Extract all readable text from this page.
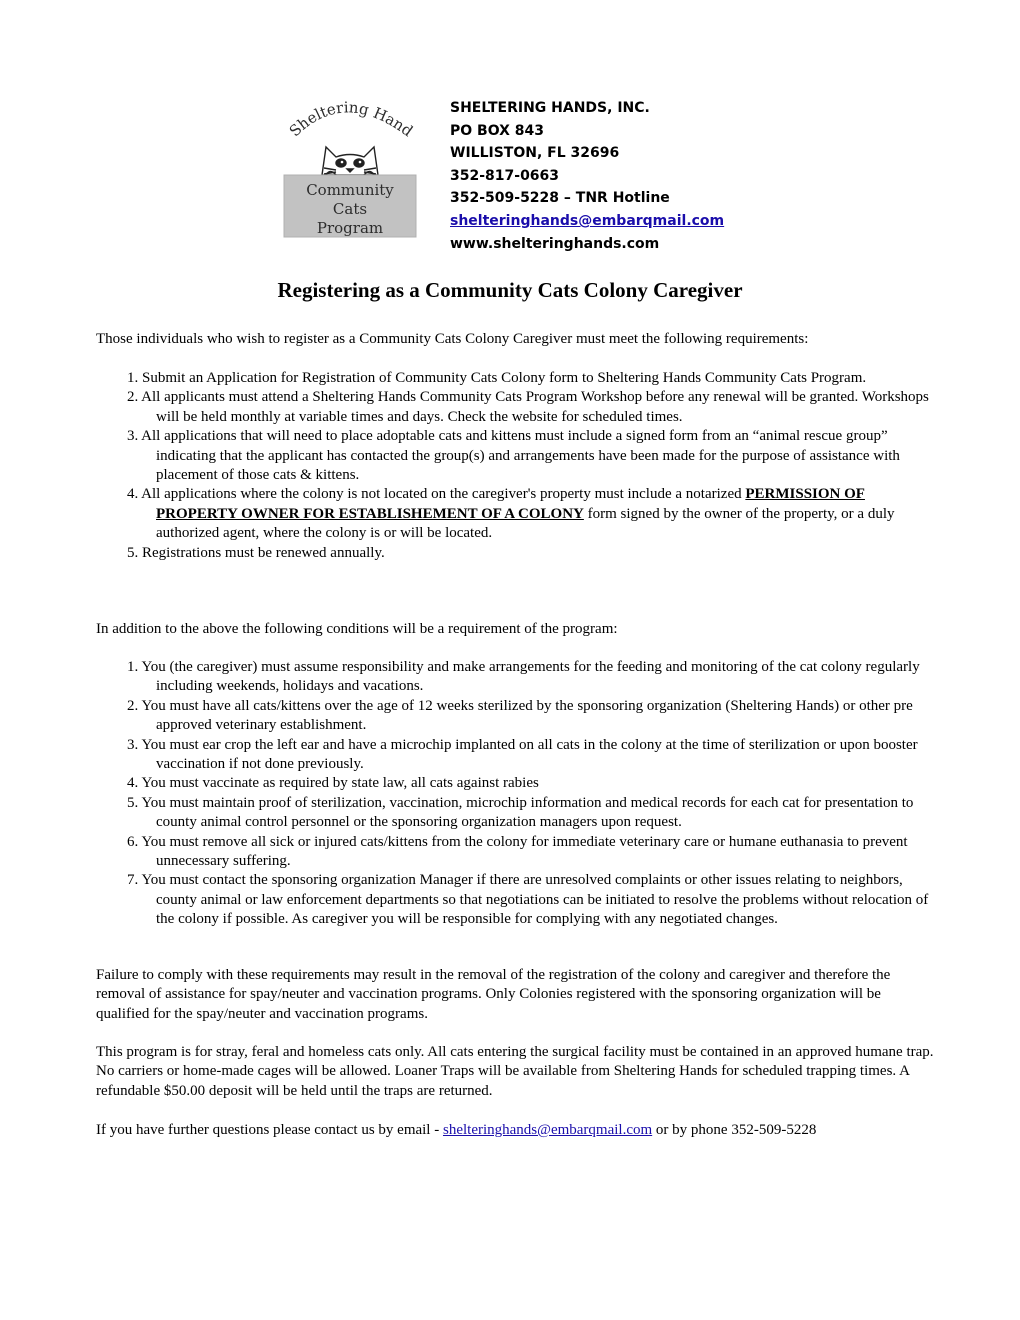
Sheltering Hand
Community
Cats
Program
SHELTERING HANDS, INC.
PO BOX 843
WILLISTON, FL 32696
352-817-0663
352-509-5228 – TNR Hotline
shelteringhands@embarqmail.com
www.shelteringhands.com
Registering as a Community Cats Colony Caregiver
Those individuals who wish to register as a Community Cats Colony Caregiver must meet the following requirements:
1. Submit an Application for Registration of Community Cats Colony form to Sheltering Hands Community Cats Program.
2. All applicants must attend a Sheltering Hands Community Cats Program Workshop before any renewal will be granted. Workshops will be held monthly at variable times and days. Check the website for scheduled times.
3. All applications that will need to place adoptable cats and kittens must include a signed form from an “animal rescue group” indicating that the applicant has contacted the group(s) and arrangements have been made for the purpose of assistance with placement of those cats & kittens.
4. All applications where the colony is not located on the caregiver's property must include a notarized PERMISSION OF PROPERTY OWNER FOR ESTABLISHEMENT OF A COLONY form signed by the owner of the property, or a duly authorized agent, where the colony is or will be located.
5. Registrations must be renewed annually.
In addition to the above the following conditions will be a requirement of the program:
1. You (the caregiver) must assume responsibility and make arrangements for the feeding and monitoring of the cat colony regularly including weekends, holidays and vacations.
2. You must have all cats/kittens over the age of 12 weeks sterilized by the sponsoring organization (Sheltering Hands) or other pre approved veterinary establishment.
3. You must ear crop the left ear and have a microchip implanted on all cats in the colony at the time of sterilization or upon booster vaccination if not done previously.
4. You must vaccinate as required by state law, all cats against rabies
5. You must maintain proof of sterilization, vaccination, microchip information and medical records for each cat for presentation to county animal control personnel or the sponsoring organization managers upon request.
6. You must remove all sick or injured cats/kittens from the colony for immediate veterinary care or humane euthanasia to prevent unnecessary suffering.
7. You must contact the sponsoring organization Manager if there are unresolved complaints or other issues relating to neighbors, county animal or law enforcement departments so that negotiations can be initiated to resolve the problems without relocation of the colony if possible. As caregiver you will be responsible for complying with any negotiated changes.
Failure to comply with these requirements may result in the removal of the registration of the colony and caregiver and therefore the removal of assistance for spay/neuter and vaccination programs. Only Colonies registered with the sponsoring organization will be qualified for the spay/neuter and vaccination programs.
This program is for stray, feral and homeless cats only. All cats entering the surgical facility must be contained in an approved humane trap. No carriers or home-made cages will be allowed. Loaner Traps will be available from Sheltering Hands for scheduled trapping times. A refundable $50.00 deposit will be held until the traps are returned.
If you have further questions please contact us by email - shelteringhands@embarqmail.com or by phone 352-509-5228
